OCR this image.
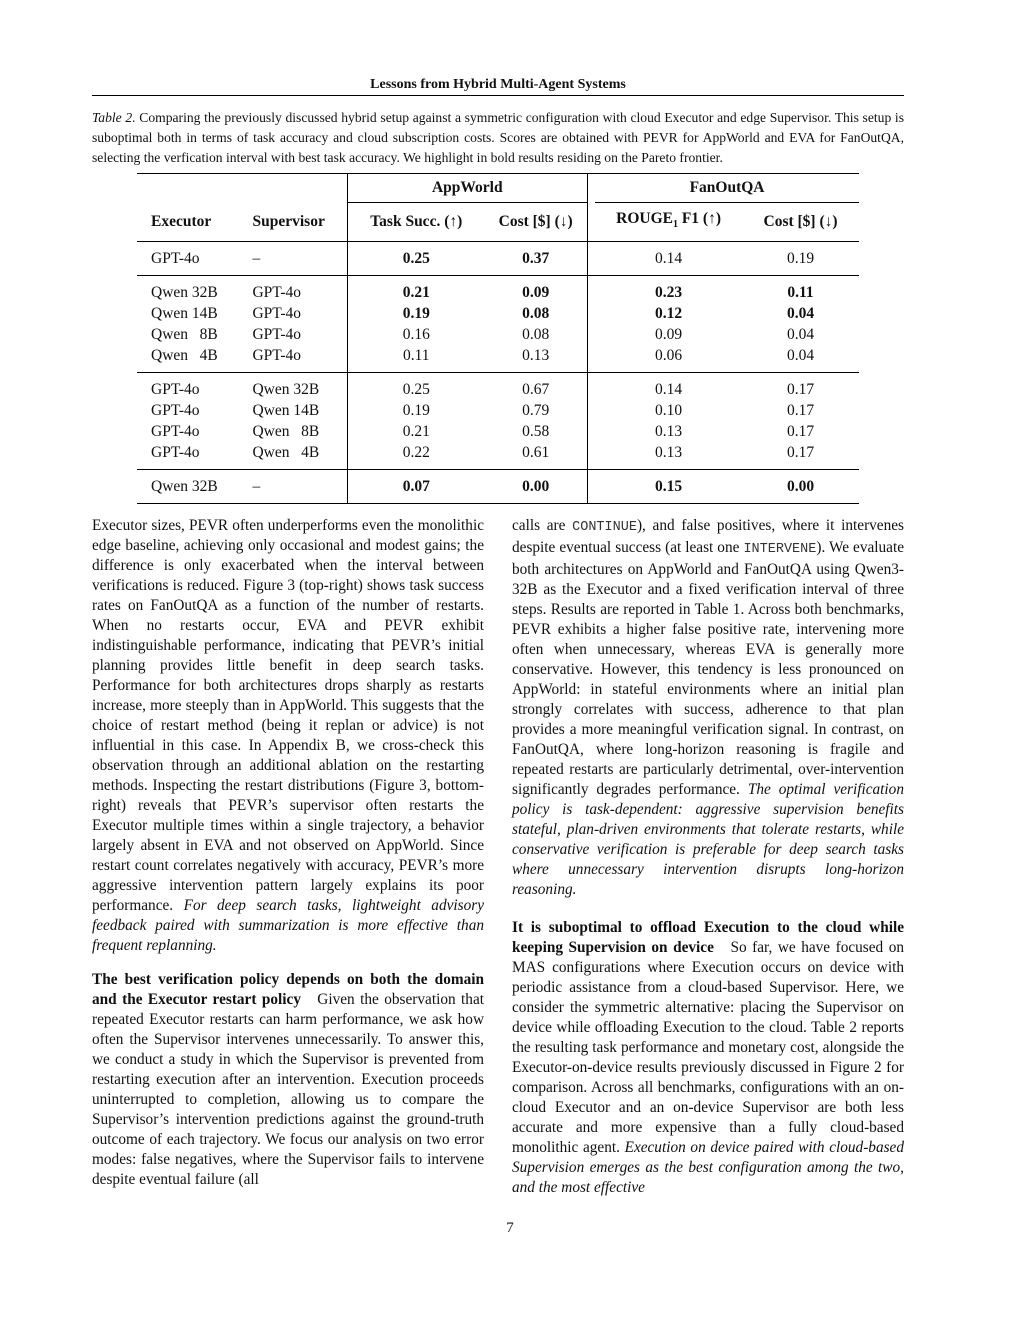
Lessons from Hybrid Multi-Agent Systems
Table 2. Comparing the previously discussed hybrid setup against a symmetric configuration with cloud Executor and edge Supervisor. This setup is suboptimal both in terms of task accuracy and cloud subscription costs. Scores are obtained with PEVR for AppWorld and EVA for FanOutQA, selecting the verfication interval with best task accuracy. We highlight in bold results residing on the Pareto frontier.
		AppWorld			FanOutQA	
Executor	Supervisor	Task Succ. (↑)	Cost [$] (↓)		$ROUGE_1$ F1 (↑)	Cost [$] (↓)
GPT-4o	–	0.25	0.37		0.14	0.19
Qwen 32B	GPT-4o	0.21	0.09		0.23	0.11
Qwen 14B	GPT-4o	0.19	0.08		0.12	0.04
Qwen   8B	GPT-4o	0.16	0.08		0.09	0.04
Qwen   4B	GPT-4o	0.11	0.13		0.06	0.04
GPT-4o	Qwen 32B	0.25	0.67		0.14	0.17
GPT-4o	Qwen 14B	0.19	0.79		0.10	0.17
GPT-4o	Qwen   8B	0.21	0.58		0.13	0.17
GPT-4o	Qwen   4B	0.22	0.61		0.13	0.17
Qwen 32B	–	0.07	0.00		0.15	0.00

Executor sizes, PEVR often underperforms even the monolithic edge baseline, achieving only occasional and modest gains; the difference is only exacerbated when the interval between verifications is reduced. Figure 3 (top-right) shows task success rates on FanOutQA as a function of the number of restarts. When no restarts occur, EVA and PEVR exhibit indistinguishable performance, indicating that PEVR’s initial planning provides little benefit in deep search tasks. Performance for both architectures drops sharply as restarts increase, more steeply than in AppWorld. This suggests that the choice of restart method (being it replan or advice) is not influential in this case. In Appendix B, we cross-check this observation through an additional ablation on the restarting methods. Inspecting the restart distributions (Figure 3, bottom-right) reveals that PEVR’s supervisor often restarts the Executor multiple times within a single trajectory, a behavior largely absent in EVA and not observed on AppWorld. Since restart count correlates negatively with accuracy, PEVR’s more aggressive intervention pattern largely explains its poor performance. For deep search tasks, lightweight advisory feedback paired with summarization is more effective than frequent replanning.

The best verification policy depends on both the domain and the Executor restart policy Given the observation that repeated Executor restarts can harm performance, we ask how often the Supervisor intervenes unnecessarily. To answer this, we conduct a study in which the Supervisor is prevented from restarting execution after an intervention. Execution proceeds uninterrupted to completion, allowing us to compare the Supervisor’s intervention predictions against the ground-truth outcome of each trajectory. We focus our analysis on two error modes: false negatives, where the Supervisor fails to intervene despite eventual failure (all

calls are CONTINUE), and false positives, where it intervenes despite eventual success (at least one INTERVENE). We evaluate both architectures on AppWorld and FanOutQA using Qwen3-32B as the Executor and a fixed verification interval of three steps. Results are reported in Table 1. Across both benchmarks, PEVR exhibits a higher false positive rate, intervening more often when unnecessary, whereas EVA is generally more conservative. However, this tendency is less pronounced on AppWorld: in stateful environments where an initial plan strongly correlates with success, adherence to that plan provides a more meaningful verification signal. In contrast, on FanOutQA, where long-horizon reasoning is fragile and repeated restarts are particularly detrimental, over-intervention significantly degrades performance. The optimal verification policy is task-dependent: aggressive supervision benefits stateful, plan-driven environments that tolerate restarts, while conservative verification is preferable for deep search tasks where unnecessary intervention disrupts long-horizon reasoning.

It is suboptimal to offload Execution to the cloud while keeping Supervision on device So far, we have focused on MAS configurations where Execution occurs on device with periodic assistance from a cloud-based Supervisor. Here, we consider the symmetric alternative: placing the Supervisor on device while offloading Execution to the cloud. Table 2 reports the resulting task performance and monetary cost, alongside the Executor-on-device results previously discussed in Figure 2 for comparison. Across all benchmarks, configurations with an on-cloud Executor and an on-device Supervisor are both less accurate and more expensive than a fully cloud-based monolithic agent. Execution on device paired with cloud-based Supervision emerges as the best configuration among the two, and the most effective

7
